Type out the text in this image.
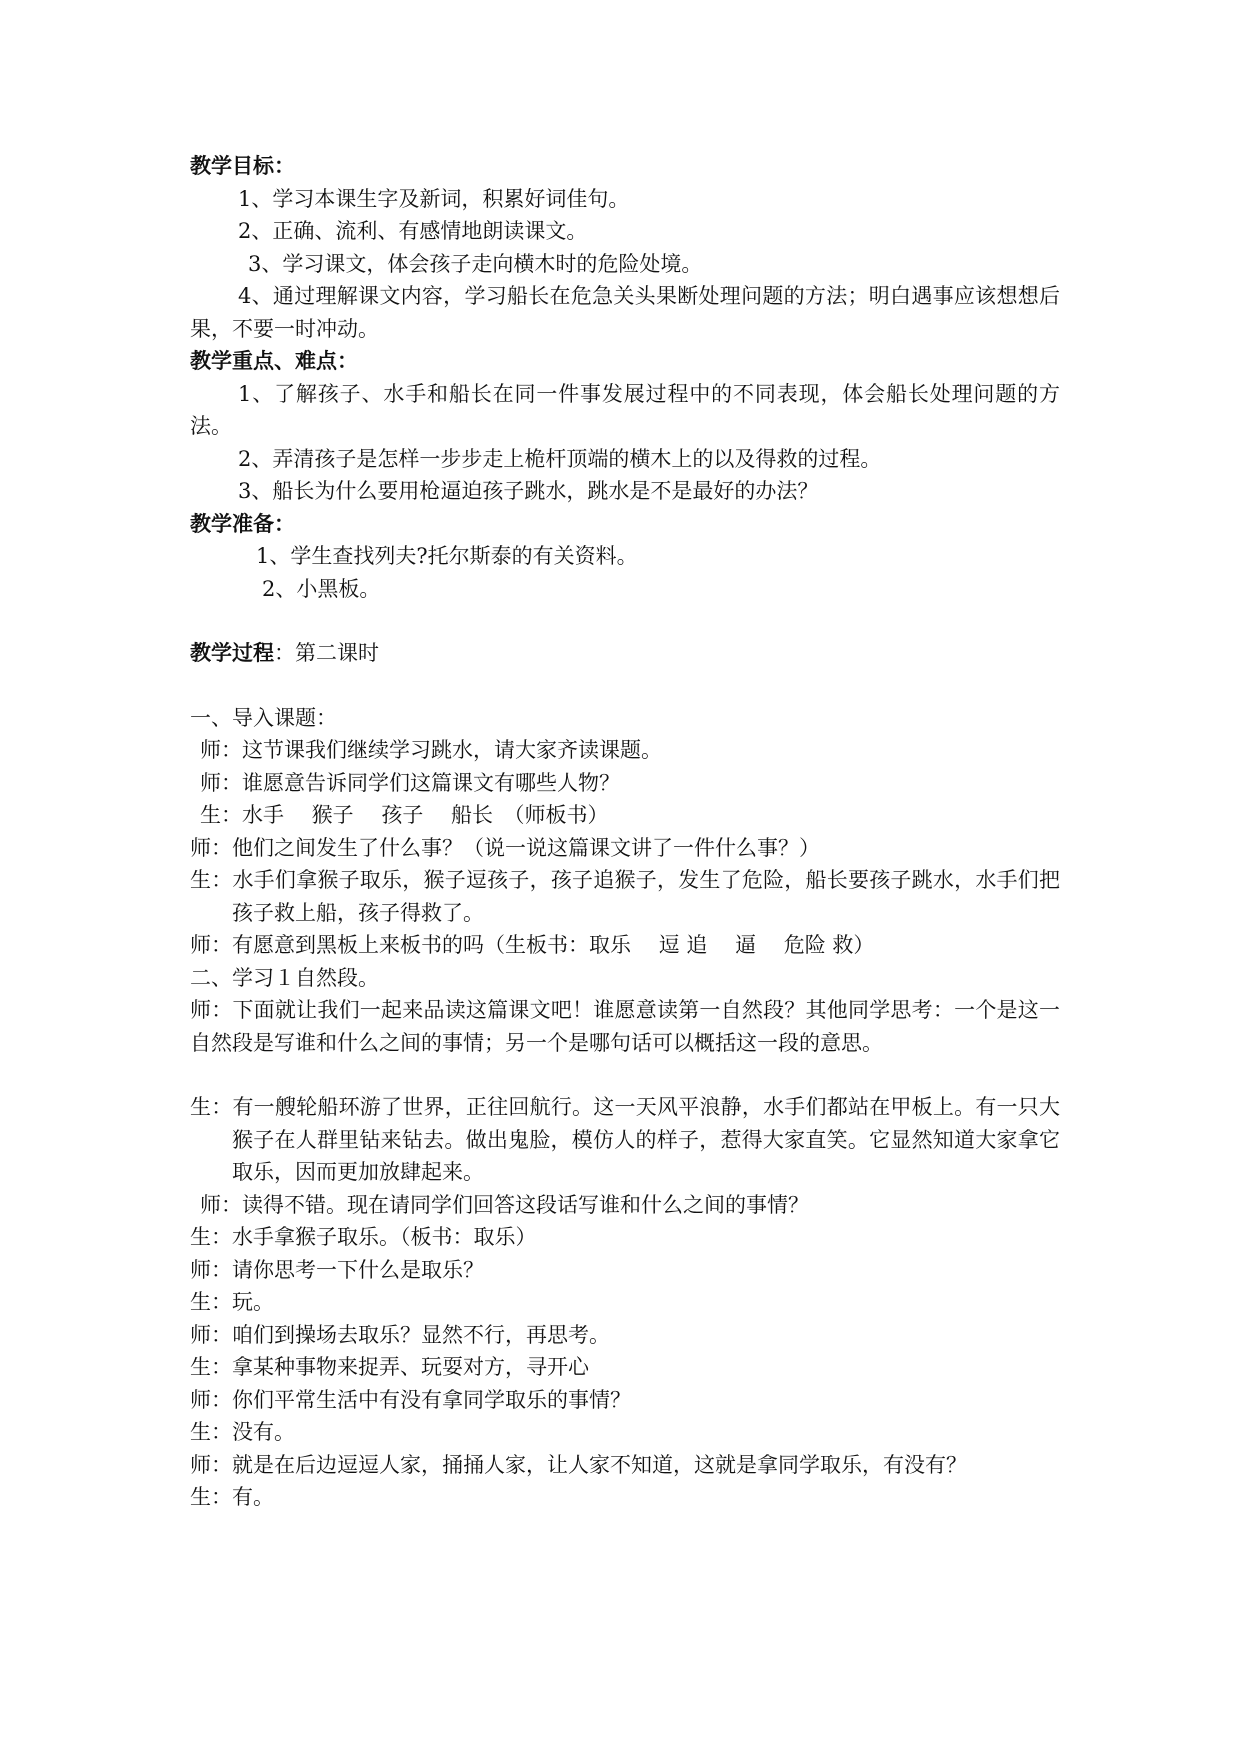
教学目标：
1、学习本课生字及新词，积累好词佳句。
2、正确、流利、有感情地朗读课文。
3、学习课文，体会孩子走向横木时的危险处境。
4、通过理解课文内容，学习船长在危急关头果断处理问题的方法；明白遇事应该想想后果，不要一时冲动。
教学重点、难点：
1、了解孩子、水手和船长在同一件事发展过程中的不同表现，体会船长处理问题的方法。
2、弄清孩子是怎样一步步走上桅杆顶端的横木上的以及得救的过程。
3、船长为什么要用枪逼迫孩子跳水，跳水是不是最好的办法？
教学准备：
1、学生查找列夫?托尔斯泰的有关资料。
2、小黑板。
教学过程：第二课时
一、导入课题：
师：这节课我们继续学习跳水，请大家齐读课题。
师：谁愿意告诉同学们这篇课文有哪些人物？
生：水手　 猴子　 孩子　 船长　（师板书）
师：他们之间发生了什么事？（说一说这篇课文讲了一件什么事？）
生：水手们拿猴子取乐，猴子逗孩子，孩子追猴子，发生了危险，船长要孩子跳水，水手们把孩子救上船，孩子得救了。
师：有愿意到黑板上来板书的吗（生板书：取乐　 逗 追　 逼　 危险 救）
二、学习１自然段。
师：下面就让我们一起来品读这篇课文吧！谁愿意读第一自然段？其他同学思考：一个是这一自然段是写谁和什么之间的事情；另一个是哪句话可以概括这一段的意思。
生：有一艘轮船环游了世界，正往回航行。这一天风平浪静，水手们都站在甲板上。有一只大猴子在人群里钻来钻去。做出鬼脸，模仿人的样子，惹得大家直笑。它显然知道大家拿它取乐，因而更加放肆起来。
师：读得不错。现在请同学们回答这段话写谁和什么之间的事情？
生：水手拿猴子取乐。（板书：取乐）
师：请你思考一下什么是取乐？
生：玩。
师：咱们到操场去取乐？显然不行，再思考。
生：拿某种事物来捉弄、玩耍对方，寻开心
师：你们平常生活中有没有拿同学取乐的事情？
生：没有。
师：就是在后边逗逗人家，捅捅人家，让人家不知道，这就是拿同学取乐，有没有？
生：有。
